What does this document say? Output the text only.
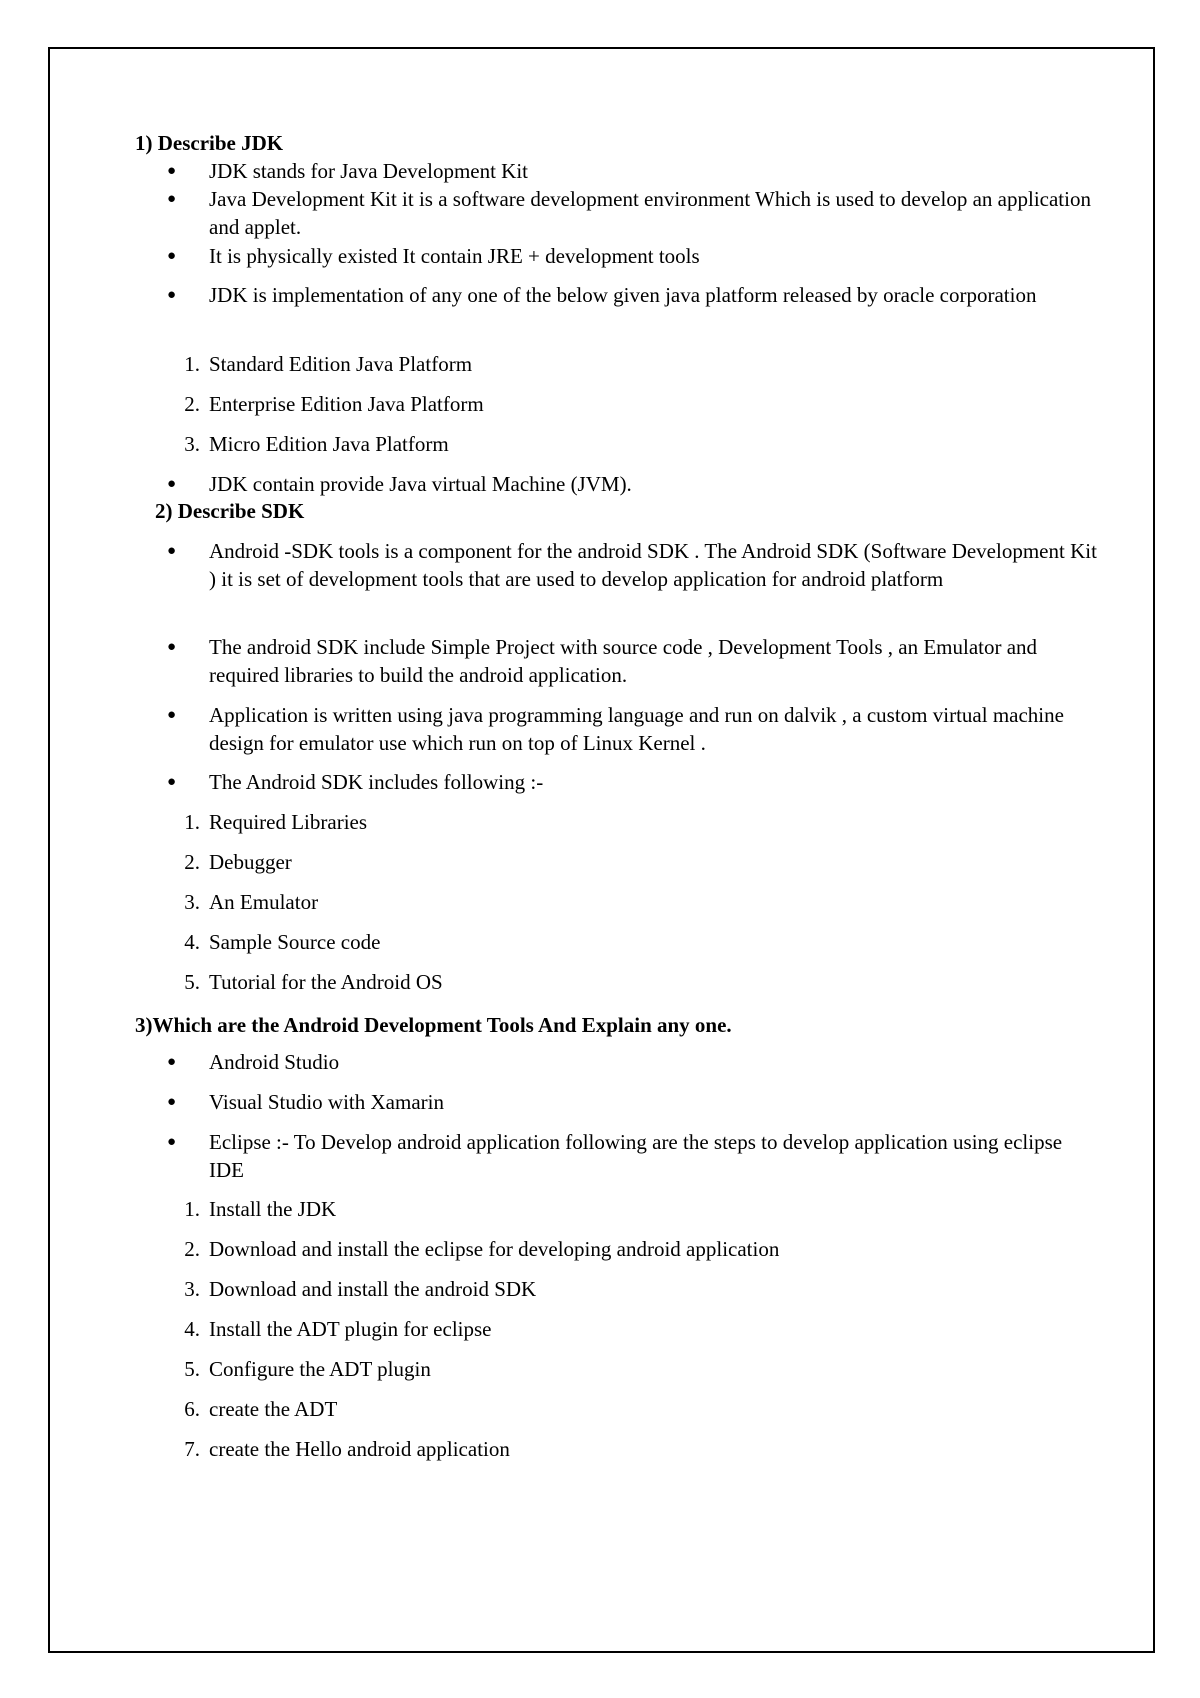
1) Describe JDK
●	JDK stands for Java Development Kit
●	Java Development Kit it is a software development environment Which is used to develop an application and applet.
●	It is physically existed It contain JRE + development tools
●	JDK is implementation of any one of the below given java platform released by oracle corporation
1. Standard Edition Java Platform
2. Enterprise Edition Java Platform
3. Micro Edition Java Platform
●	JDK contain provide Java virtual Machine (JVM).
2) Describe SDK
●	Android -SDK tools is a component for the android SDK . The Android SDK (Software Development Kit ) it is set of development tools that are used to develop application for android platform
●	The android SDK include Simple Project with source code , Development Tools , an Emulator and required libraries to build the android application.
●	Application is written using java programming language and run on dalvik , a custom virtual machine design for emulator use which run on top of Linux Kernel .
●	The Android SDK includes following :-
1. Required Libraries
2. Debugger
3. An Emulator
4. Sample Source code
5. Tutorial for the Android OS
3)Which are the Android Development Tools And Explain any one.
●	Android Studio
●	Visual Studio with Xamarin
●	Eclipse :- To Develop android application following are the steps to develop application using eclipse IDE
1. Install the JDK
2. Download and install the eclipse for developing android application
3. Download and install the android SDK
4. Install the ADT plugin for eclipse
5. Configure the ADT plugin
6. create the ADT
7. create the Hello android application
